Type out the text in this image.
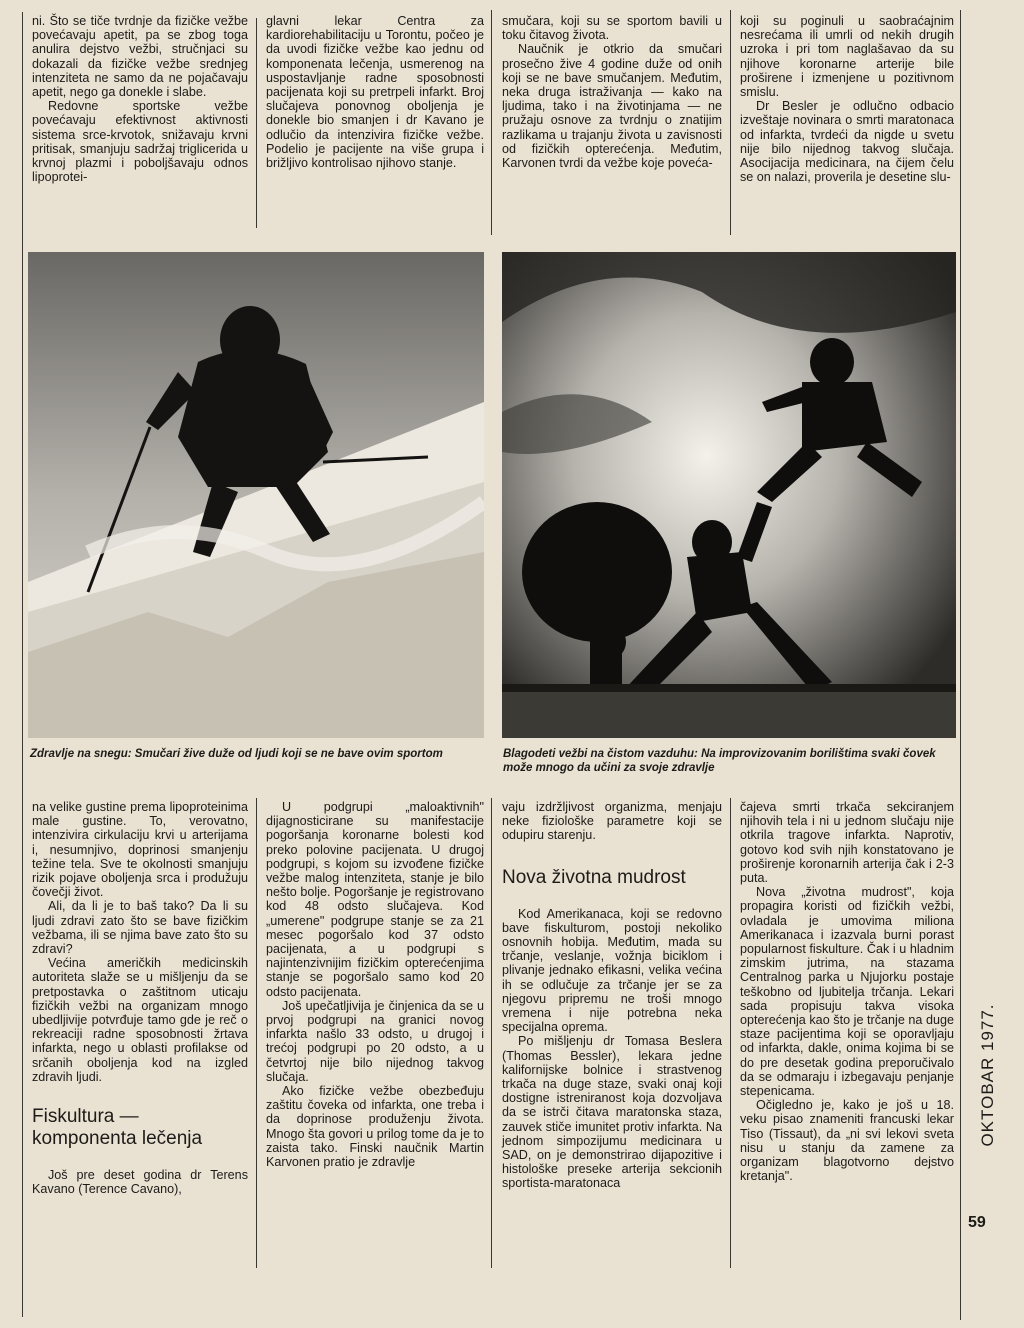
ni. Što se tiče tvrdnje da fizičke vežbe povećavaju apetit, pa se zbog toga anulira dejstvo vežbi, stručnjaci su dokazali da fizičke vežbe srednjeg intenziteta ne samo da ne pojačavaju apetit, nego ga donekle i slabe.

Redovne sportske vežbe povećavaju efektivnost aktivnosti sistema srce-krvotok, snižavaju krvni pritisak, smanjuju sadržaj triglicerida u krvnoj plazmi i poboljšavaju odnos lipoprotei-

glavni lekar Centra za kardiorehabilitaciju u Torontu, počeo je da uvodi fizičke vežbe kao jednu od komponenata lečenja, usmerenog na uspostavljanje radne sposobnosti pacijenata koji su pretrpeli infarkt. Broj slučajeva ponovnog oboljenja je donekle bio smanjen i dr Kavano je odlučio da intenzivira fizičke vežbe. Podelio je pacijente na više grupa i brižljivo kontrolisao njihovo stanje.

smučara, koji su se sportom bavili u toku čitavog života.

Naučnik je otkrio da smučari prosečno žive 4 godine duže od onih koji se ne bave smučanjem. Međutim, neka druga istraživanja — kako na ljudima, tako i na životinjama — ne pružaju osnove za tvrdnju o znatijim razlikama u trajanju života u zavisnosti od fizičkih opterećenja. Međutim, Karvonen tvrdi da vežbe koje poveća-

koji su poginuli u saobraćajnim nesrećama ili umrli od nekih drugih uzroka i pri tom naglašavao da su njihove koronarne arterije bile proširene i izmenjene u pozitivnom smislu.

Dr Besler je odlučno odbacio izveštaje novinara o smrti maratonaca od infarkta, tvrdeći da nigde u svetu nije bilo nijednog takvog slučaja. Asocijacija medicinara, na čijem čelu se on nalazi, proverila je desetine slu-

Zdravlje na snegu: Smučari žive duže od ljudi koji se ne bave ovim sportom	Blagodeti vežbi na čistom vazduhu: Na improvizovanim borilištima svaki čovek može mnogo da učini za svoje zdravlje

na velike gustine prema lipoproteinima male gustine. To, verovatno, intenzivira cirkulaciju krvi u arterijama i, nesumnjivo, doprinosi smanjenju težine tela. Sve te okolnosti smanjuju rizik pojave oboljenja srca i produžuju čovečji život.

Ali, da li je to baš tako? Da li su ljudi zdravi zato što se bave fizičkim vežbama, ili se njima bave zato što su zdravi?

Većina američkih medicinskih autoriteta slaže se u mišljenju da se pretpostavka o zaštitnom uticaju fizičkih vežbi na organizam mnogo ubedljivije potvrđuje tamo gde je reč o rekreaciji radne sposobnosti žrtava infarkta, nego u oblasti profilakse od srčanih oboljenja kod na izgled zdravih ljudi.

Fiskultura — komponenta lečenja

Još pre deset godina dr Terens Kavano (Terence Cavano),

U podgrupi „maloaktivnih" dijagnosticirane su manifestacije pogoršanja koronarne bolesti kod preko polovine pacijenata. U drugoj podgrupi, s kojom su izvođene fizičke vežbe malog intenziteta, stanje je bilo nešto bolje. Pogoršanje je registrovano kod 48 odsto slučajeva. Kod „umerene" podgrupe stanje se za 21 mesec pogoršalo kod 37 odsto pacijenata, a u podgrupi s najintenzivnijim fizičkim opterećenjima stanje se pogoršalo samo kod 20 odsto pacijenata.

Još upečatljivija je činjenica da se u prvoj podgrupi na granici novog infarkta našlo 33 odsto, u drugoj i trećoj podgrupi po 20 odsto, a u četvrtoj nije bilo nijednog takvog slučaja.

Ako fizičke vežbe obezbeđuju zaštitu čoveka od infarkta, one treba i da doprinose produženju života. Mnogo šta govori u prilog tome da je to zaista tako. Finski naučnik Martin Karvonen pratio je zdravlje

vaju izdržljivost organizma, menjaju neke fiziološke parametre koji se odupiru starenju.

Nova životna mudrost

Kod Amerikanaca, koji se redovno bave fiskulturom, postoji nekoliko osnovnih hobija. Međutim, mada su trčanje, veslanje, vožnja biciklom i plivanje jednako efikasni, velika većina ih se odlučuje za trčanje jer se za njegovu pripremu ne troši mnogo vremena i nije potrebna neka specijalna oprema.

Po mišljenju dr Tomasa Beslera (Thomas Bessler), lekara jedne kalifornijske bolnice i strastvenog trkača na duge staze, svaki onaj koji dostigne istreniranost koja dozvoljava da se istrči čitava maratonska staza, zauvek stiče imunitet protiv infarkta. Na jednom simpozijumu medicinara u SAD, on je demonstrirao dijapozitive i histološke preseke arterija sekcionih sportista-maratonaca

čajeva smrti trkača sekciranjem njihovih tela i ni u jednom slučaju nije otkrila tragove infarkta. Naprotiv, gotovo kod svih njih konstatovano je proširenje koronarnih arterija čak i 2-3 puta.

Nova „životna mudrost", koja propagira koristi od fizičkih vežbi, ovladala je umovima miliona Amerikanaca i izazvala burni porast popularnost fiskulture. Čak i u hladnim zimskim jutrima, na stazama Centralnog parka u Njujorku postaje teškobno od ljubitelja trčanja. Lekari sada propisuju takva visoka opterećenja kao što je trčanje na duge staze pacijentima koji se oporavljaju od infarkta, dakle, onima kojima bi se do pre desetak godina preporučivalo da se odmaraju i izbegavaju penjanje stepenicama.

Očigledno je, kako je još u 18. veku pisao znameniti francuski lekar Tiso (Tissaut), da „ni svi lekovi sveta nisu u stanju da zamene za organizam blagotvorno dejstvo kretanja".

OKTOBAR 1977.
59
